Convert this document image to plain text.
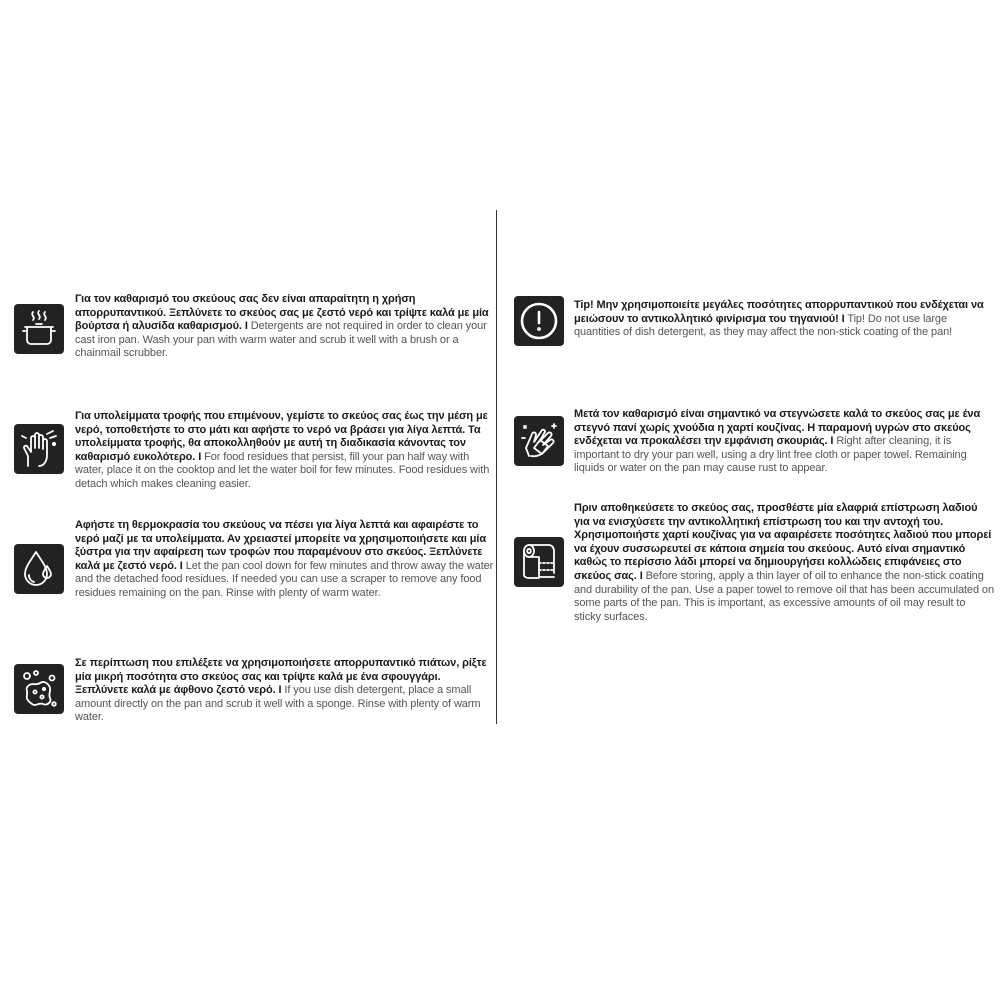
Για τον καθαρισμό του σκεύους σας δεν είναι απαραίτητη η χρήση απορρυπαντικού. Ξεπλύνετε το σκεύος σας με ζεστό νερό και τρίψτε καλά με μία βούρτσα ή αλυσίδα καθαρισμού. I Detergents are not required in order to clean your cast iron pan. Wash your pan with warm water and scrub it well with a brush or a chainmail scrubber.
Για υπολείμματα τροφής που επιμένουν, γεμίστε το σκεύος σας έως την μέση με νερό, τοποθετήστε το στο μάτι και αφήστε το νερό να βράσει για λίγα λεπτά. Τα υπολείμματα τροφής, θα αποκολληθούν με αυτή τη διαδικασία κάνοντας τον καθαρισμό ευκολότερο. I For food residues that persist, fill your pan half way with water, place it on the cooktop and let the water boil for few minutes. Food residues with detach which makes cleaning easier.
Αφήστε τη θερμοκρασία του σκεύους να πέσει για λίγα λεπτά και αφαιρέστε το νερό μαζί με τα υπολείμματα. Αν χρειαστεί μπορείτε να χρησιμοποιήσετε και μία ξύστρα για την αφαίρεση των τροφών που παραμένουν στο σκεύος. Ξεπλύνετε καλά με ζεστό νερό. I Let the pan cool down for few minutes and throw away the water and the detached food residues. If needed you can use a scraper to remove any food residues remaining on the pan. Rinse with plenty of warm water.
Σε περίπτωση που επιλέξετε να χρησιμοποιήσετε απορρυπαντικό πιάτων, ρίξτε μία μικρή ποσότητα στο σκεύος σας και τρίψτε καλά με ένα σφουγγάρι. Ξεπλύνετε καλά με άφθονο ζεστό νερό. I If you use dish detergent, place a small amount directly on the pan and scrub it well with a sponge. Rinse with plenty of warm water.
Tip! Μην χρησιμοποιείτε μεγάλες ποσότητες απορρυπαντικού που ενδέχεται να μειώσουν το αντικολλητικό φινίρισμα του τηγανιού! I Tip! Do not use large quantities of dish detergent, as they may affect the non-stick coating of the pan!
Μετά τον καθαρισμό είναι σημαντικό να στεγνώσετε καλά το σκεύος σας με ένα στεγνό πανί χωρίς χνούδια η χαρτί κουζίνας. Η παραμονή υγρών στο σκεύος ενδέχεται να προκαλέσει την εμφάνιση σκουριάς. I Right after cleaning, it is important to dry your pan well, using a dry lint free cloth or paper towel. Remaining liquids or water on the pan may cause rust to appear.
Πριν αποθηκεύσετε το σκεύος σας, προσθέστε μία ελαφριά επίστρωση λαδιού για να ενισχύσετε την αντικολλητική επίστρωση του και την αντοχή του. Χρησιμοποιήστε χαρτί κουζίνας για να αφαιρέσετε ποσότητες λαδιού που μπορεί να έχουν συσσωρευτεί σε κάποια σημεία του σκεύους. Αυτό είναι σημαντικό καθώς το περίσσιο λάδι μπορεί να δημιουργήσει κολλώδεις επιφάνειες στο σκεύος σας. I Before storing, apply a thin layer of oil to enhance the non-stick coating and durability of the pan. Use a paper towel to remove oil that has been accumulated on some parts of the pan. This is important, as excessive amounts of oil may result to sticky surfaces.
